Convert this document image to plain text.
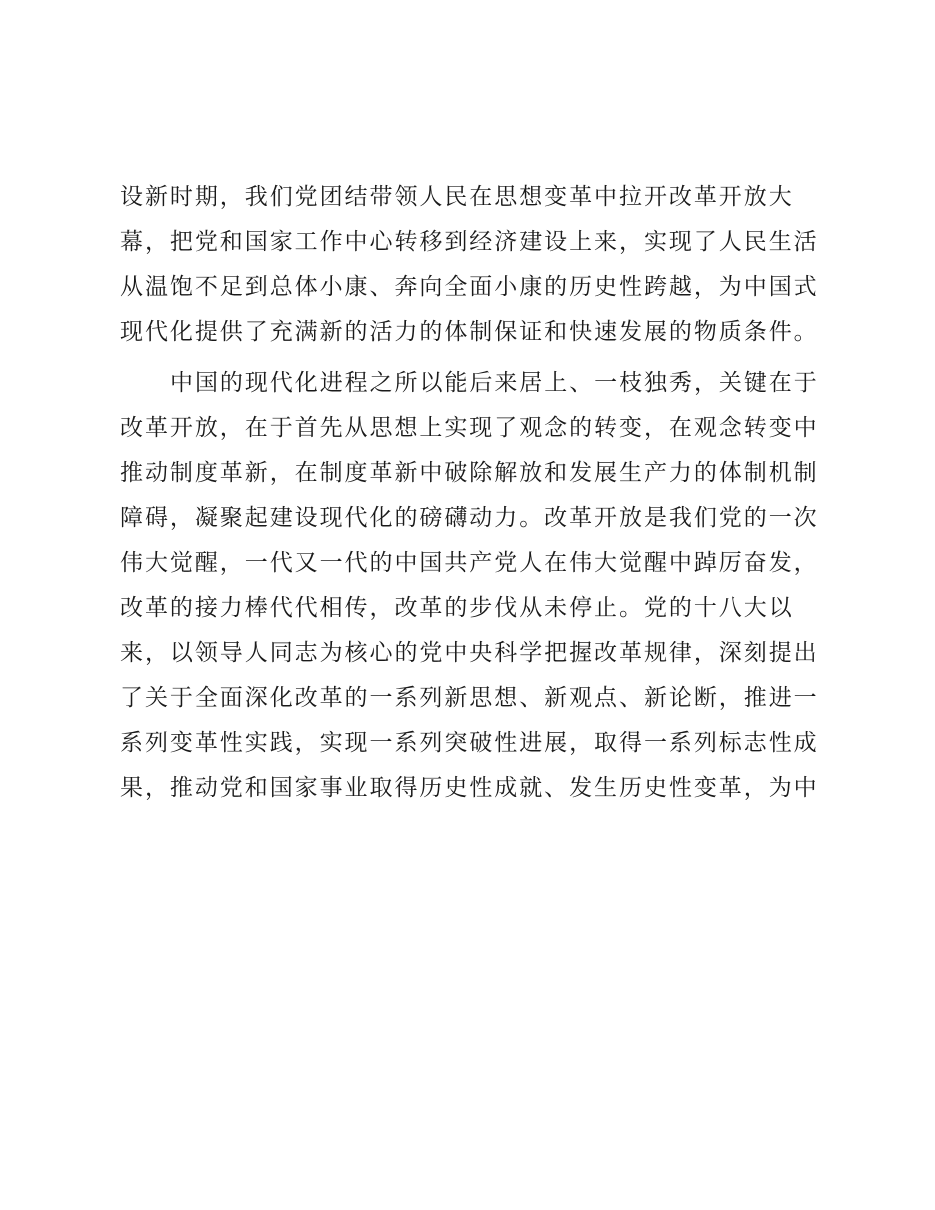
设新时期，我们党团结带领人民在思想变革中拉开改革开放大
幕，把党和国家工作中心转移到经济建设上来，实现了人民生活
从温饱不足到总体小康、奔向全面小康的历史性跨越，为中国式
现代化提供了充满新的活力的体制保证和快速发展的物质条件。
中国的现代化进程之所以能后来居上、一枝独秀，关键在于
改革开放，在于首先从思想上实现了观念的转变，在观念转变中
推动制度革新，在制度革新中破除解放和发展生产力的体制机制
障碍，凝聚起建设现代化的磅礴动力。改革开放是我们党的一次
伟大觉醒，一代又一代的中国共产党人在伟大觉醒中踔厉奋发，
改革的接力棒代代相传，改革的步伐从未停止。党的十八大以
来，以领导人同志为核心的党中央科学把握改革规律，深刻提出
了关于全面深化改革的一系列新思想、新观点、新论断，推进一
系列变革性实践，实现一系列突破性进展，取得一系列标志性成
果，推动党和国家事业取得历史性成就、发生历史性变革，为中
